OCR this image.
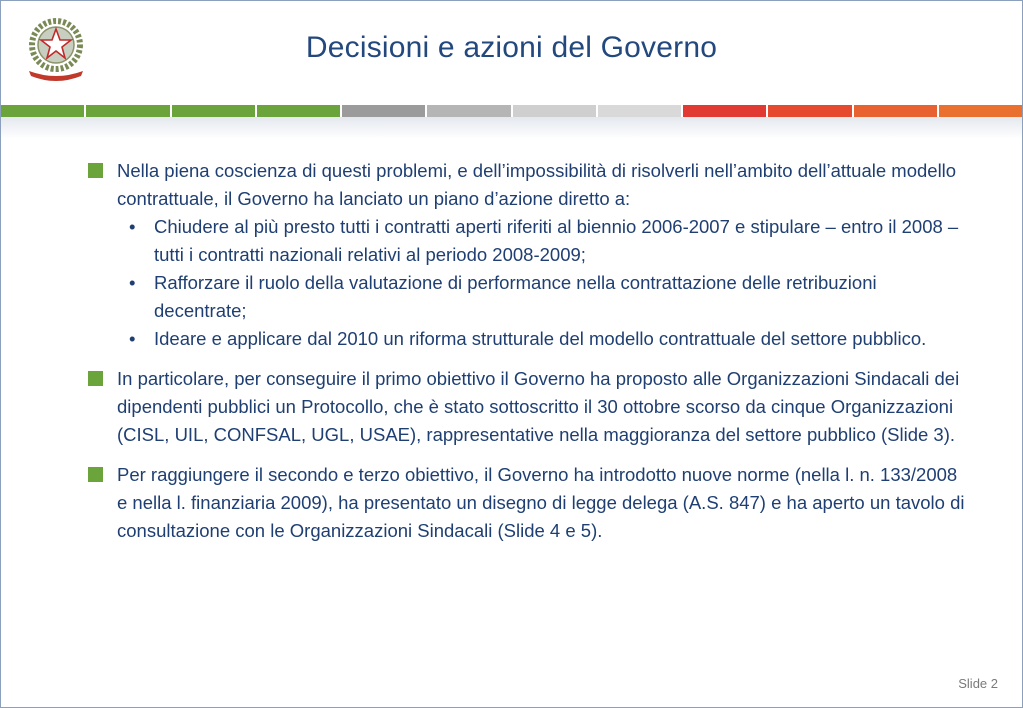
Decisioni e azioni del Governo
Nella piena coscienza di questi problemi, e dell’impossibilità di risolverli nell’ambito dell’attuale modello contrattuale, il Governo ha lanciato un piano d’azione diretto a:
• Chiudere al più presto tutti i contratti aperti riferiti al biennio 2006-2007 e stipulare – entro il 2008 – tutti i contratti nazionali relativi al periodo 2008-2009;
• Rafforzare il ruolo della valutazione di performance nella contrattazione delle retribuzioni decentrate;
• Ideare e applicare dal 2010 un riforma strutturale del modello contrattuale del settore pubblico.
In particolare, per conseguire il primo obiettivo il Governo ha proposto alle Organizzazioni Sindacali dei dipendenti pubblici un Protocollo, che è stato sottoscritto il 30 ottobre scorso da cinque Organizzazioni (CISL, UIL, CONFSAL, UGL, USAE), rappresentative nella maggioranza del settore pubblico (Slide 3).
Per raggiungere il secondo e terzo obiettivo, il Governo ha introdotto nuove norme (nella l. n. 133/2008 e nella l. finanziaria 2009), ha presentato un disegno di legge delega (A.S. 847) e ha aperto un tavolo di consultazione con le Organizzazioni Sindacali (Slide 4 e 5).
Slide 2
